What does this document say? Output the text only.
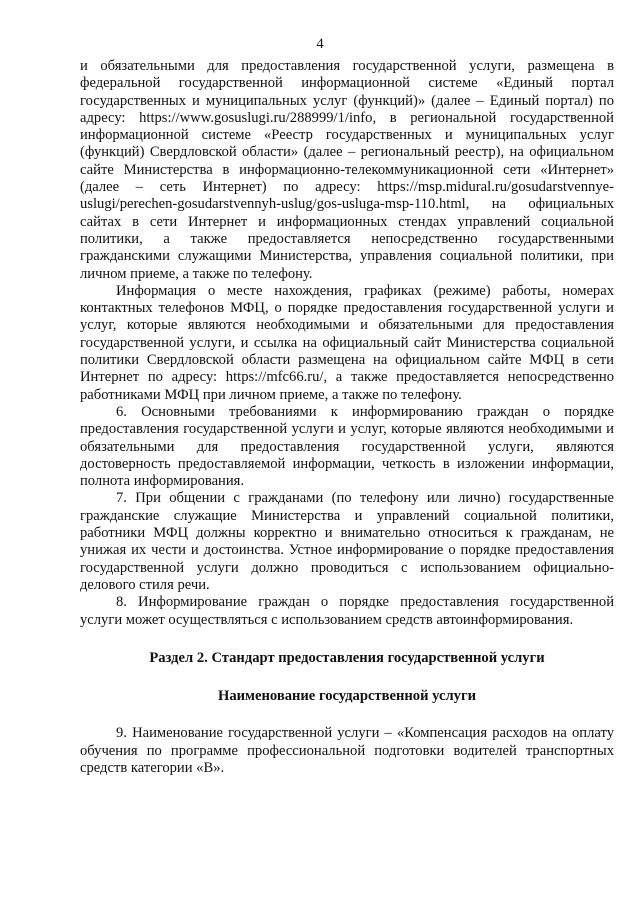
4

и обязательными для предоставления государственной услуги, размещена в федеральной государственной информационной системе «Единый портал государственных и муниципальных услуг (функций)» (далее – Единый портал) по адресу: https://www.gosuslugi.ru/288999/1/info, в региональной государственной информационной системе «Реестр государственных и муниципальных услуг (функций) Свердловской области» (далее – региональный реестр), на официальном сайте Министерства в информационно-телекоммуникационной сети «Интернет» (далее – сеть Интернет) по адресу: https://msp.midural.ru/gosudarstvennye-uslugi/perechen-gosudarstvennyh-uslug/gos-usluga-msp-110.html, на официальных сайтах в сети Интернет и информационных стендах управлений социальной политики, а также предоставляется непосредственно государственными гражданскими служащими Министерства, управления социальной политики, при личном приеме, а также по телефону.

Информация о месте нахождения, графиках (режиме) работы, номерах контактных телефонов МФЦ, о порядке предоставления государственной услуги и услуг, которые являются необходимыми и обязательными для предоставления государственной услуги, и ссылка на официальный сайт Министерства социальной политики Свердловской области размещена на официальном сайте МФЦ в сети Интернет по адресу: https://mfc66.ru/, а также предоставляется непосредственно работниками МФЦ при личном приеме, а также по телефону.

6. Основными требованиями к информированию граждан о порядке предоставления государственной услуги и услуг, которые являются необходимыми и обязательными для предоставления государственной услуги, являются достоверность предоставляемой информации, четкость в изложении информации, полнота информирования.

7. При общении с гражданами (по телефону или лично) государственные гражданские служащие Министерства и управлений социальной политики, работники МФЦ должны корректно и внимательно относиться к гражданам, не унижая их чести и достоинства. Устное информирование о порядке предоставления государственной услуги должно проводиться с использованием официально-делового стиля речи.

8. Информирование граждан о порядке предоставления государственной услуги может осуществляться с использованием средств автоинформирования.

Раздел 2. Стандарт предоставления государственной услуги

Наименование государственной услуги

9. Наименование государственной услуги – «Компенсация расходов на оплату обучения по программе профессиональной подготовки водителей транспортных средств категории «В».
